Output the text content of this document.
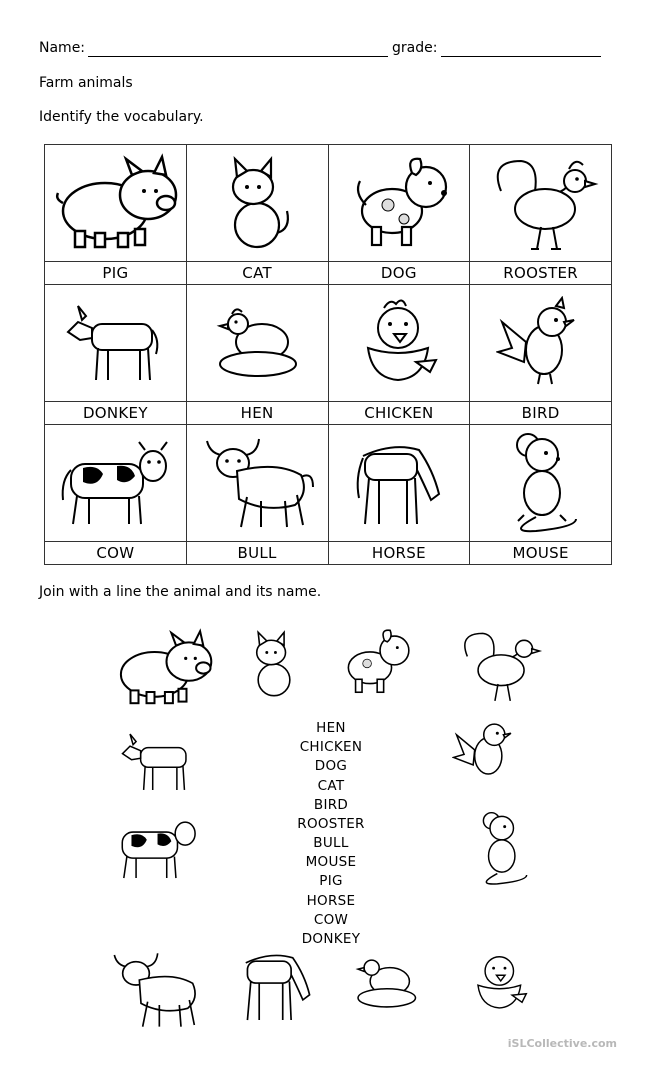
Name:	grade:
Farm animals
Identify the vocabulary.

PIG	CAT	DOG	ROOSTER

DONKEY	HEN	CHICKEN	BIRD

COW	BULL	HORSE	MOUSE
Join with a line the animal and its name.
HEN
CHICKEN
DOG
CAT
BIRD
ROOSTER
BULL
MOUSE
PIG
HORSE
COW
DONKEY
iSLCollective.com
